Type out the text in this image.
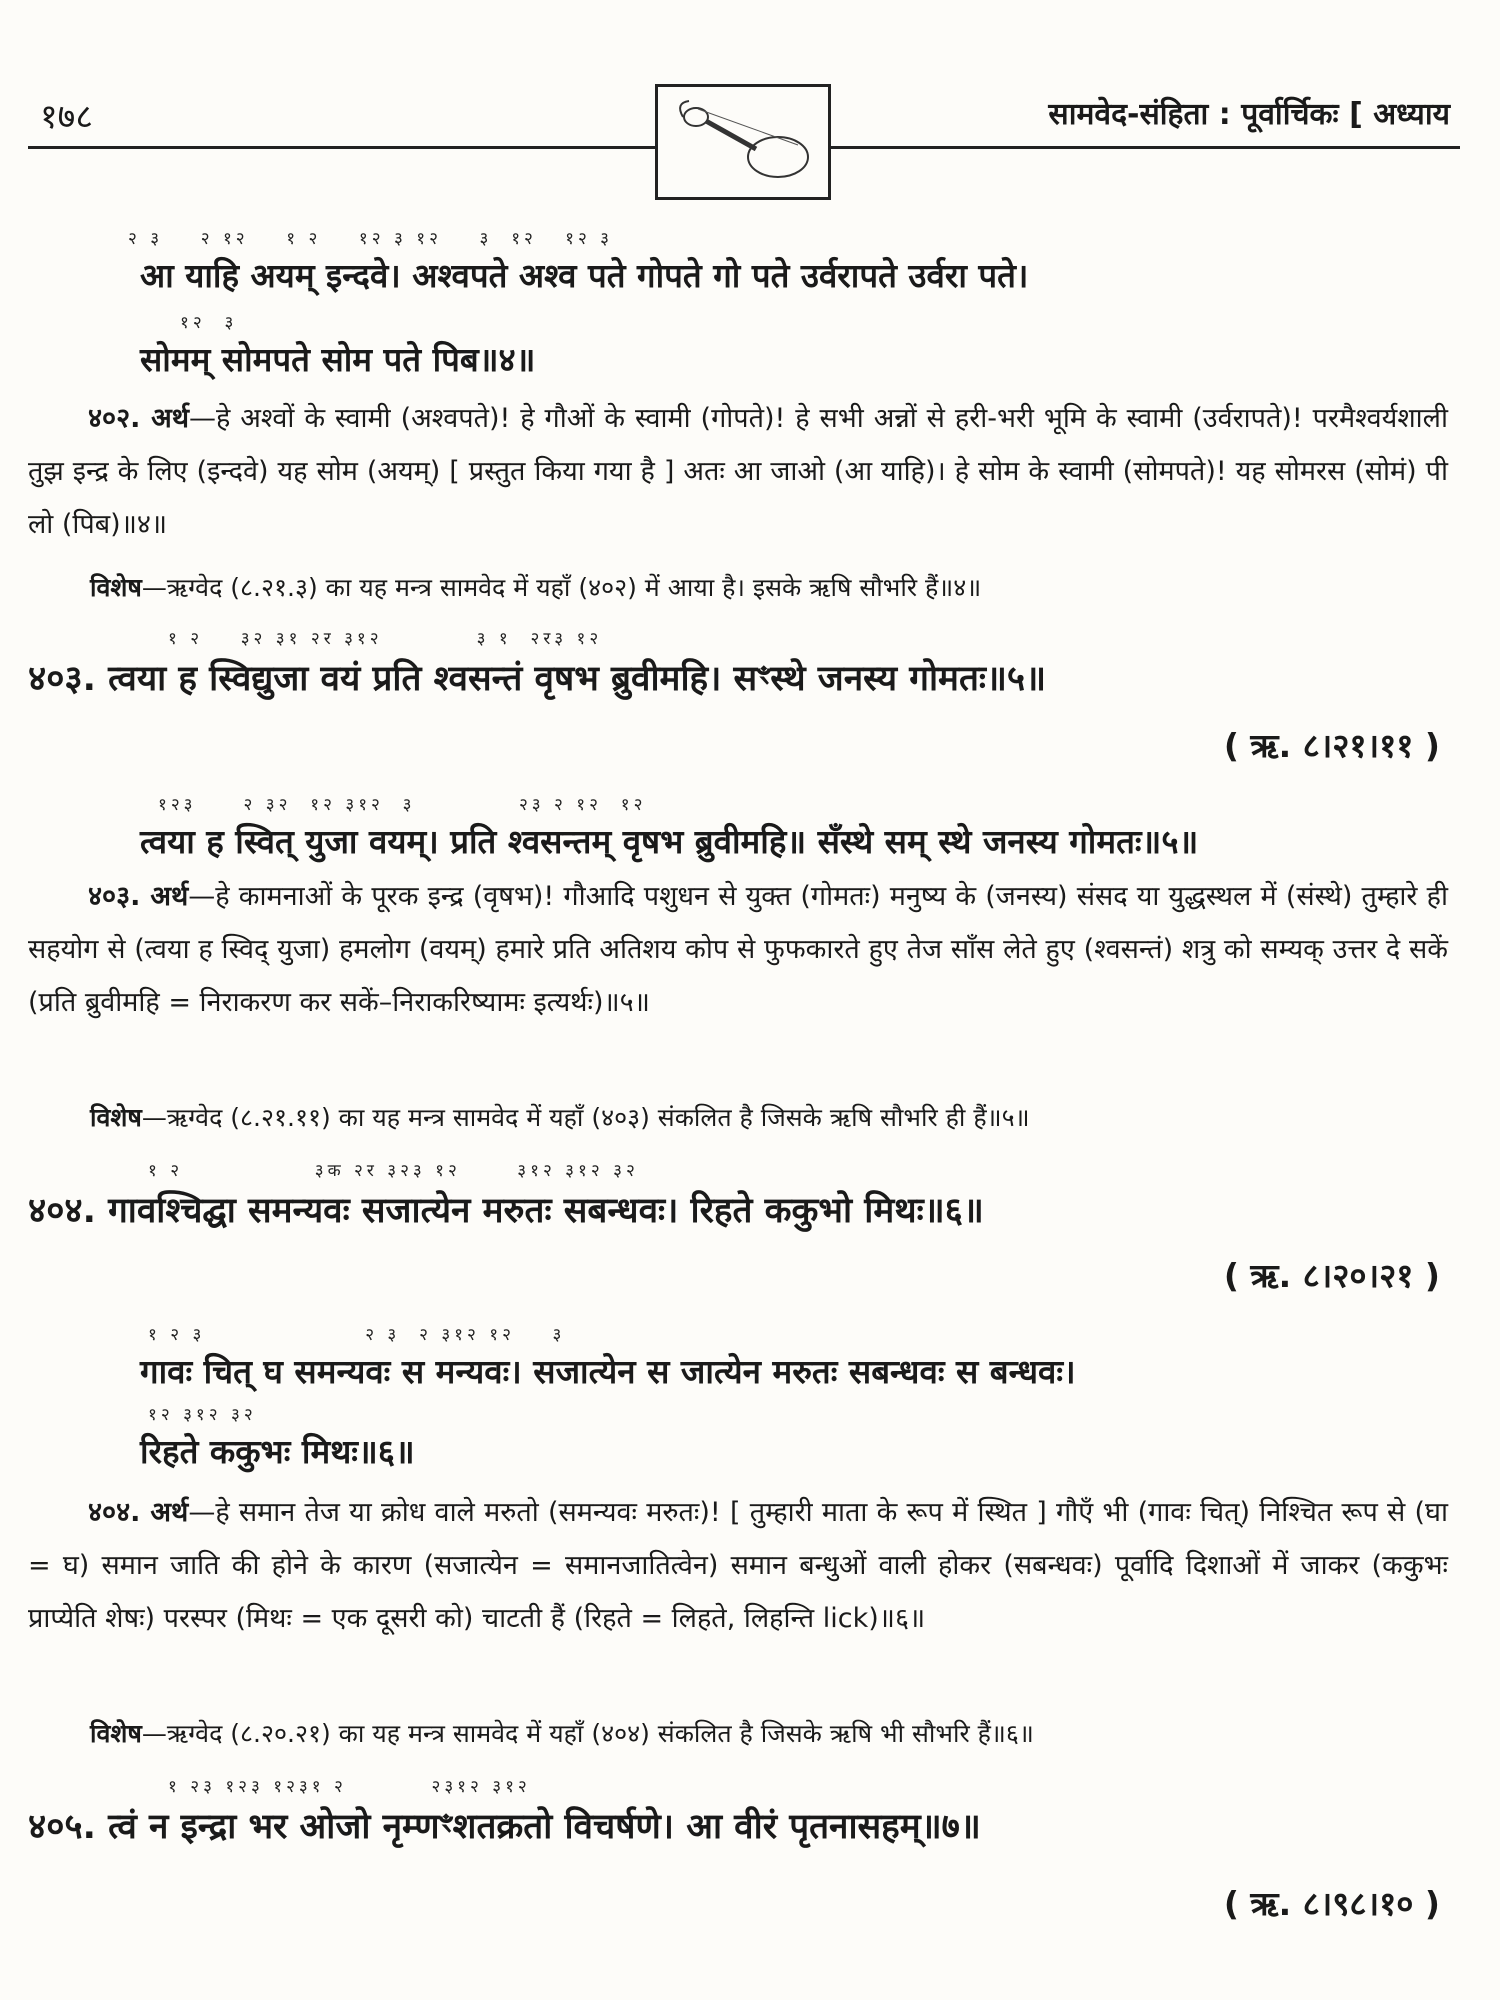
१७८	सामवेद-संहिता : पूर्वार्चिकः [ अध्याय
२ ३    २ १२    १ २    १२ ३ १२    ३  १२   १२ ३
आ याहि अयम् इन्दवे। अश्वपते अश्व पते गोपते गो पते उर्वरापते उर्वरा पते।
१२  ३
सोमम् सोमपते सोम पते पिब॥४॥
४०२. अर्थ—हे अश्वों के स्वामी (अश्वपते)! हे गौओं के स्वामी (गोपते)! हे सभी अन्नों से हरी-भरी भूमि के स्वामी (उर्वरापते)! परमैश्वर्यशाली तुझ इन्द्र के लिए (इन्दवे) यह सोम (अयम्) [ प्रस्तुत किया गया है ] अतः आ जाओ (आ याहि)। हे सोम के स्वामी (सोमपते)! यह सोमरस (सोमं) पी लो (पिब)॥४॥
विशेष—ऋग्वेद (८.२१.३) का यह मन्त्र सामवेद में यहाँ (४०२) में आया है। इसके ऋषि सौभरि हैं॥४॥
१ २    ३२ ३१ २र ३१२          ३ १  २र३ १२
४०३. त्वया ह स्विद्युजा वयं प्रति श्वसन्तं वृषभ ब्रुवीमहि। सꣳस्थे जनस्य गोमतः॥५॥
( ऋ. ८।२१।११ )
१२३     २ ३२  १२ ३१२  ३           २३ २ १२  १२
त्वया ह स्वित् युजा वयम्। प्रति श्वसन्तम् वृषभ ब्रुवीमहि॥ सँस्थे सम् स्थे जनस्य गोमतः॥५॥
४०३. अर्थ—हे कामनाओं के पूरक इन्द्र (वृषभ)! गौआदि पशुधन से युक्त (गोमतः) मनुष्य के (जनस्य) संसद या युद्धस्थल में (संस्थे) तुम्हारे ही सहयोग से (त्वया ह स्विद् युजा) हमलोग (वयम्) हमारे प्रति अतिशय कोप से फुफकारते हुए तेज साँस लेते हुए (श्वसन्तं) शत्रु को सम्यक् उत्तर दे सकें (प्रति ब्रुवीमहि = निराकरण कर सकें–निराकरिष्यामः इत्यर्थः)॥५॥
विशेष—ऋग्वेद (८.२१.११) का यह मन्त्र सामवेद में यहाँ (४०३) संकलित है जिसके ऋषि सौभरि ही हैं॥५॥
१ २              ३क २र ३२३ १२      ३१२ ३१२ ३२
४०४. गावश्चिद्घा समन्यवः सजात्येन मरुतः सबन्धवः। रिहते ककुभो मिथः॥६॥
( ऋ. ८।२०।२१ )
१ २ ३                 २ ३  २ ३१२ १२    ३
गावः चित् घ समन्यवः स मन्यवः। सजात्येन स जात्येन मरुतः सबन्धवः स बन्धवः।
१२ ३१२ ३२
रिहते ककुभः मिथः॥६॥
४०४. अर्थ—हे समान तेज या क्रोध वाले मरुतो (समन्यवः मरुतः)! [ तुम्हारी माता के रूप में स्थित ] गौएँ भी (गावः चित्) निश्चित रूप से (घा = घ) समान जाति की होने के कारण (सजात्येन = समानजातित्वेन) समान बन्धुओं वाली होकर (सबन्धवः) पूर्वादि दिशाओं में जाकर (ककुभः प्राप्येति शेषः) परस्पर (मिथः = एक दूसरी को) चाटती हैं (रिहते = लिहते, लिहन्ति lick)॥६॥
विशेष—ऋग्वेद (८.२०.२१) का यह मन्त्र सामवेद में यहाँ (४०४) संकलित है जिसके ऋषि भी सौभरि हैं॥६॥
१ २३ १२३ १२३१ २         २३१२ ३१२
४०५. त्वं न इन्द्रा भर ओजो नृम्णꣳशतक्रतो विचर्षणे। आ वीरं पृतनासहम्॥७॥
( ऋ. ८।९८।१० )
